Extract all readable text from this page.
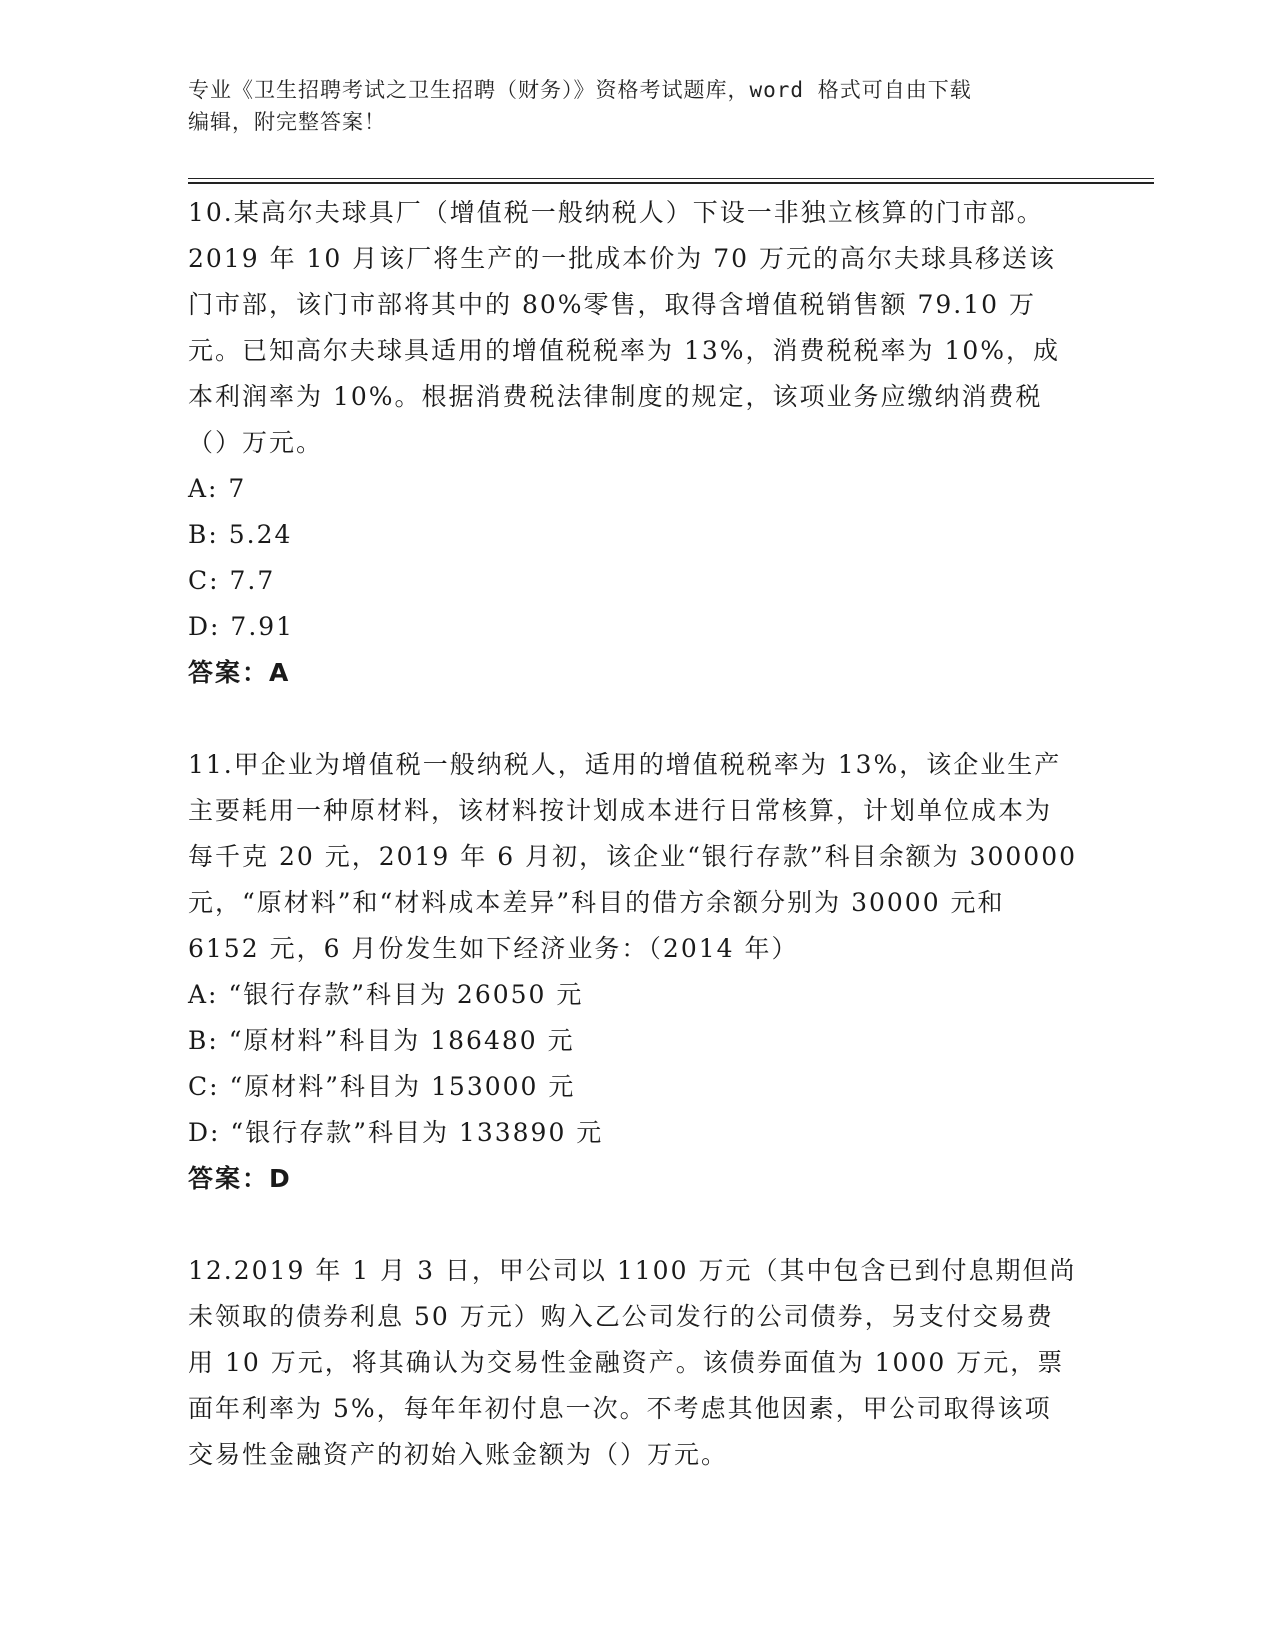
专业《卫生招聘考试之卫生招聘（财务）》资格考试题库，word 格式可自由下载
编辑，附完整答案！

10.某高尔夫球具厂（增值税一般纳税人）下设一非独立核算的门市部。2019 年 10 月该厂将生产的一批成本价为 70 万元的高尔夫球具移送该门市部，该门市部将其中的 80%零售，取得含增值税销售额 79.10 万元。已知高尔夫球具适用的增值税税率为 13%，消费税税率为 10%，成本利润率为 10%。根据消费税法律制度的规定，该项业务应缴纳消费税（）万元。

A: 7
B: 5.24
C: 7.7
D: 7.91
答案：A

11.甲企业为增值税一般纳税人，适用的增值税税率为 13%，该企业生产主要耗用一种原材料，该材料按计划成本进行日常核算，计划单位成本为每千克 20 元，2019 年 6 月初，该企业“银行存款”科目余额为 300000 元，“原材料”和“材料成本差异”科目的借方余额分别为 30000 元和 6152 元，6 月份发生如下经济业务：（2014 年）

A: “银行存款”科目为 26050 元
B: “原材料”科目为 186480 元
C: “原材料”科目为 153000 元
D: “银行存款”科目为 133890 元
答案：D

12.2019 年 1 月 3 日，甲公司以 1100 万元（其中包含已到付息期但尚未领取的债券利息 50 万元）购入乙公司发行的公司债券，另支付交易费用 10 万元，将其确认为交易性金融资产。该债券面值为 1000 万元，票面年利率为 5%，每年年初付息一次。不考虑其他因素，甲公司取得该项交易性金融资产的初始入账金额为（）万元。
